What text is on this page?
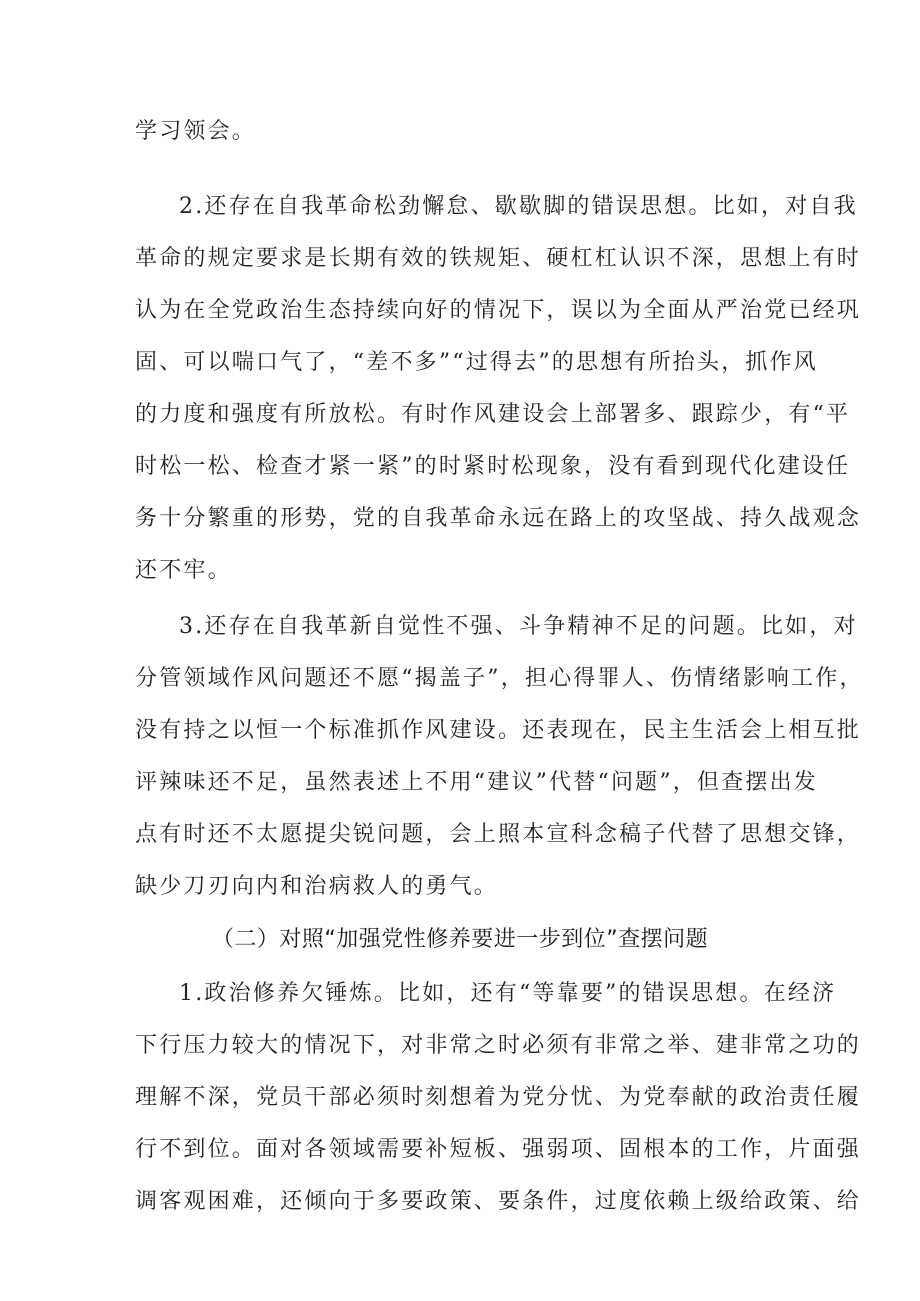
学习领会。
2.还存在自我革命松劲懈怠、歇歇脚的错误思想。比如，对自我
革命的规定要求是长期有效的铁规矩、硬杠杠认识不深，思想上有时
认为在全党政治生态持续向好的情况下，误以为全面从严治党已经巩
固、可以喘口气了，“差不多”“过得去”的思想有所抬头，抓作风
的力度和强度有所放松。有时作风建设会上部署多、跟踪少，有“平
时松一松、检查才紧一紧”的时紧时松现象，没有看到现代化建设任
务十分繁重的形势，党的自我革命永远在路上的攻坚战、持久战观念
还不牢。
3.还存在自我革新自觉性不强、斗争精神不足的问题。比如，对
分管领域作风问题还不愿“揭盖子”，担心得罪人、伤情绪影响工作，
没有持之以恒一个标准抓作风建设。还表现在，民主生活会上相互批
评辣味还不足，虽然表述上不用“建议”代替“问题”，但查摆出发
点有时还不太愿提尖锐问题，会上照本宣科念稿子代替了思想交锋，
缺少刀刃向内和治病救人的勇气。
（二）对照“加强党性修养要进一步到位”查摆问题
1.政治修养欠锤炼。比如，还有“等靠要”的错误思想。在经济
下行压力较大的情况下，对非常之时必须有非常之举、建非常之功的
理解不深，党员干部必须时刻想着为党分忧、为党奉献的政治责任履
行不到位。面对各领域需要补短板、强弱项、固根本的工作，片面强
调客观困难，还倾向于多要政策、要条件，过度依赖上级给政策、给
